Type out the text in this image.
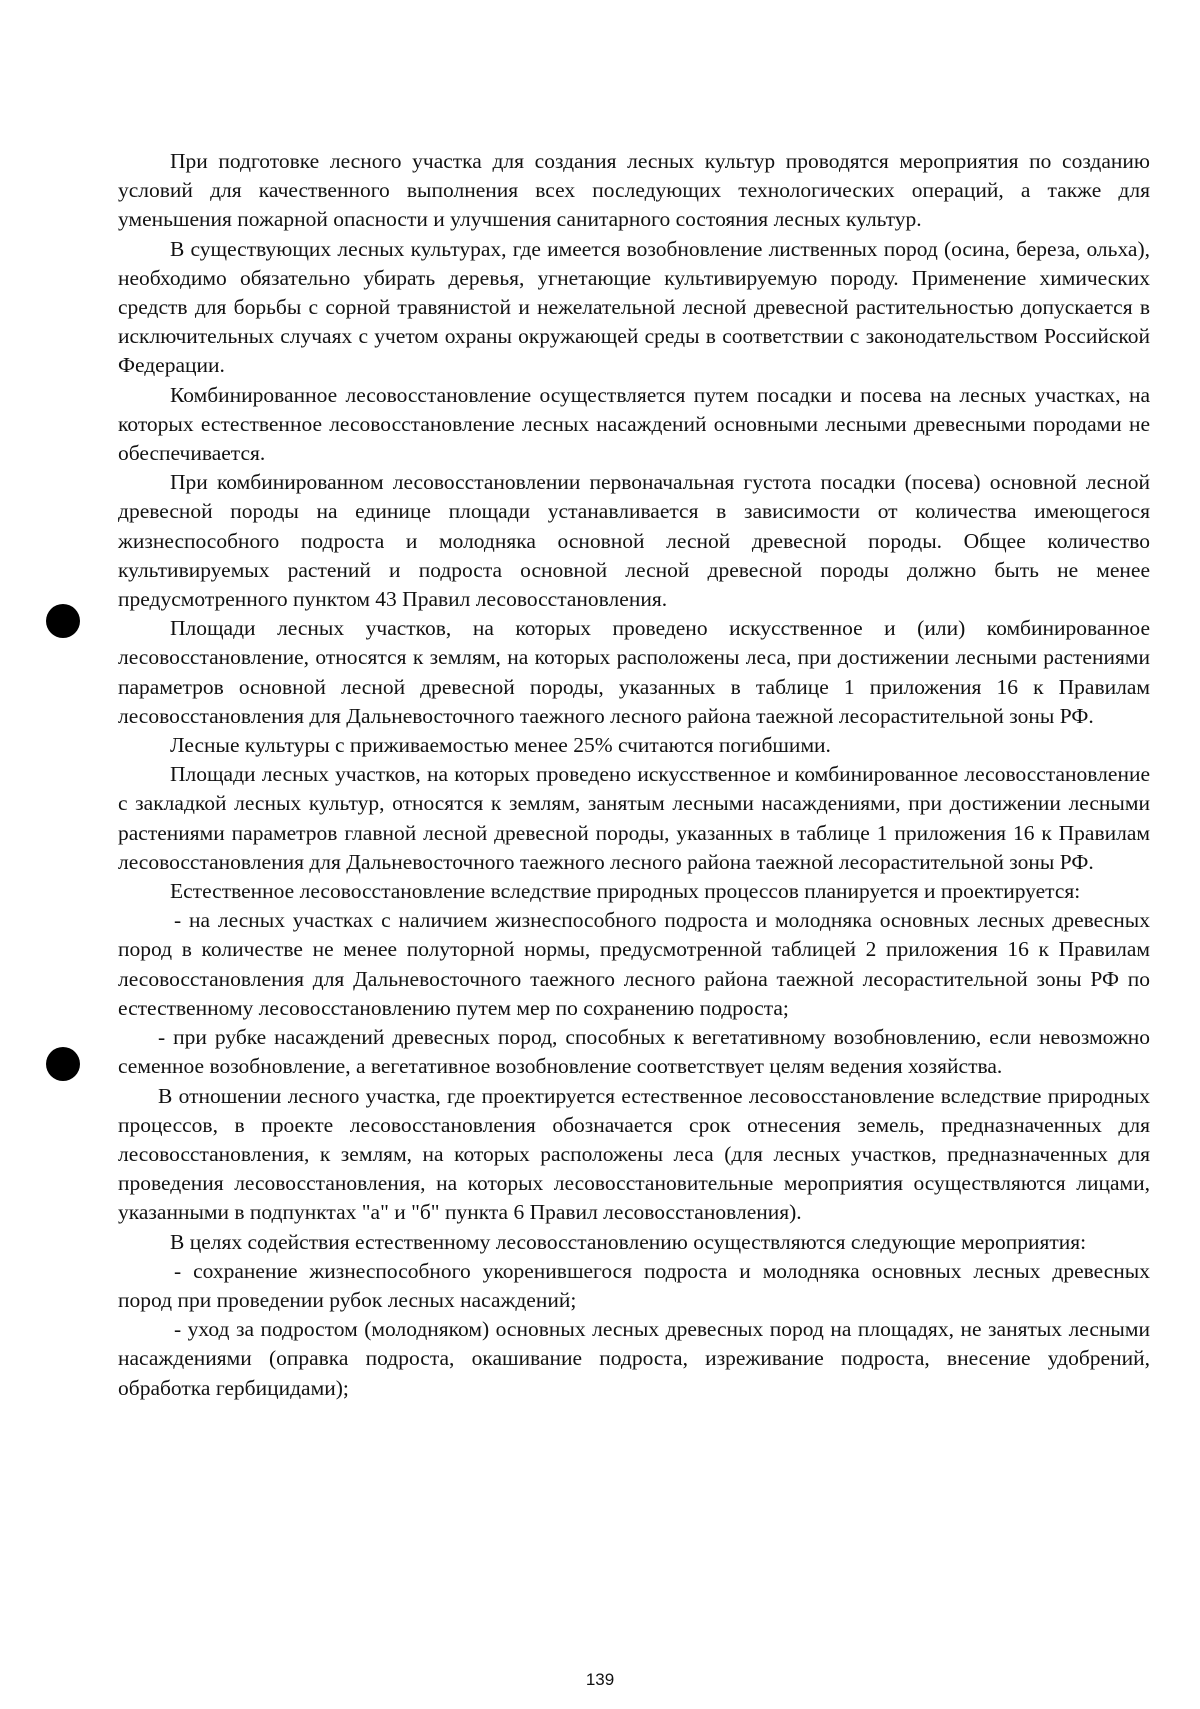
При подготовке лесного участка для создания лесных культур проводятся мероприятия по созданию условий для качественного выполнения всех последующих технологических операций, а также для уменьшения пожарной опасности и улучшения санитарного состояния лесных культур.

В существующих лесных культурах, где имеется возобновление лиственных пород (осина, береза, ольха), необходимо обязательно убирать деревья, угнетающие культивируемую породу. Применение химических средств для борьбы с сорной травянистой и нежелательной лесной древесной растительностью допускается в исключительных случаях с учетом охраны окружающей среды в соответствии с законодательством Российской Федерации.

Комбинированное лесовосстановление осуществляется путем посадки и посева на лесных участках, на которых естественное лесовосстановление лесных насаждений основными лесными древесными породами не обеспечивается.

При комбинированном лесовосстановлении первоначальная густота посадки (посева) основной лесной древесной породы на единице площади устанавливается в зависимости от количества имеющегося жизнеспособного подроста и молодняка основной лесной древесной породы. Общее количество культивируемых растений и подроста основной лесной древесной породы должно быть не менее предусмотренного пунктом 43 Правил лесовосстановления.

Площади лесных участков, на которых проведено искусственное и (или) комбинированное лесовосстановление, относятся к землям, на которых расположены леса, при достижении лесными растениями параметров основной лесной древесной породы, указанных в таблице 1 приложения 16 к Правилам лесовосстановления для Дальневосточного таежного лесного района таежной лесорастительной зоны РФ.

Лесные культуры с приживаемостью менее 25% считаются погибшими.

Площади лесных участков, на которых проведено искусственное и комбинированное лесовосстановление с закладкой лесных культур, относятся к землям, занятым лесными насаждениями, при достижении лесными растениями параметров главной лесной древесной породы, указанных в таблице 1 приложения 16 к Правилам лесовосстановления для Дальневосточного таежного лесного района таежной лесорастительной зоны РФ.

Естественное лесовосстановление вследствие природных процессов планируется и проектируется:

- на лесных участках с наличием жизнеспособного подроста и молодняка основных лесных древесных пород в количестве не менее полуторной нормы, предусмотренной таблицей 2 приложения 16 к Правилам лесовосстановления для Дальневосточного таежного лесного района таежной лесорастительной зоны РФ по естественному лесовосстановлению путем мер по сохранению подроста;

- при рубке насаждений древесных пород, способных к вегетативному возобновлению, если невозможно семенное возобновление, а вегетативное возобновление соответствует целям ведения хозяйства.

В отношении лесного участка, где проектируется естественное лесовосстановление вследствие природных процессов, в проекте лесовосстановления обозначается срок отнесения земель, предназначенных для лесовосстановления, к землям, на которых расположены леса (для лесных участков, предназначенных для проведения лесовосстановления, на которых лесовосстановительные мероприятия осуществляются лицами, указанными в подпунктах "а" и "б" пункта 6 Правил лесовосстановления).

В целях содействия естественному лесовосстановлению осуществляются следующие мероприятия:

- сохранение жизнеспособного укоренившегося подроста и молодняка основных лесных древесных пород при проведении рубок лесных насаждений;

- уход за подростом (молодняком) основных лесных древесных пород на площадях, не занятых лесными насаждениями (оправка подроста, окашивание подроста, изреживание подроста, внесение удобрений, обработка гербицидами);

139
